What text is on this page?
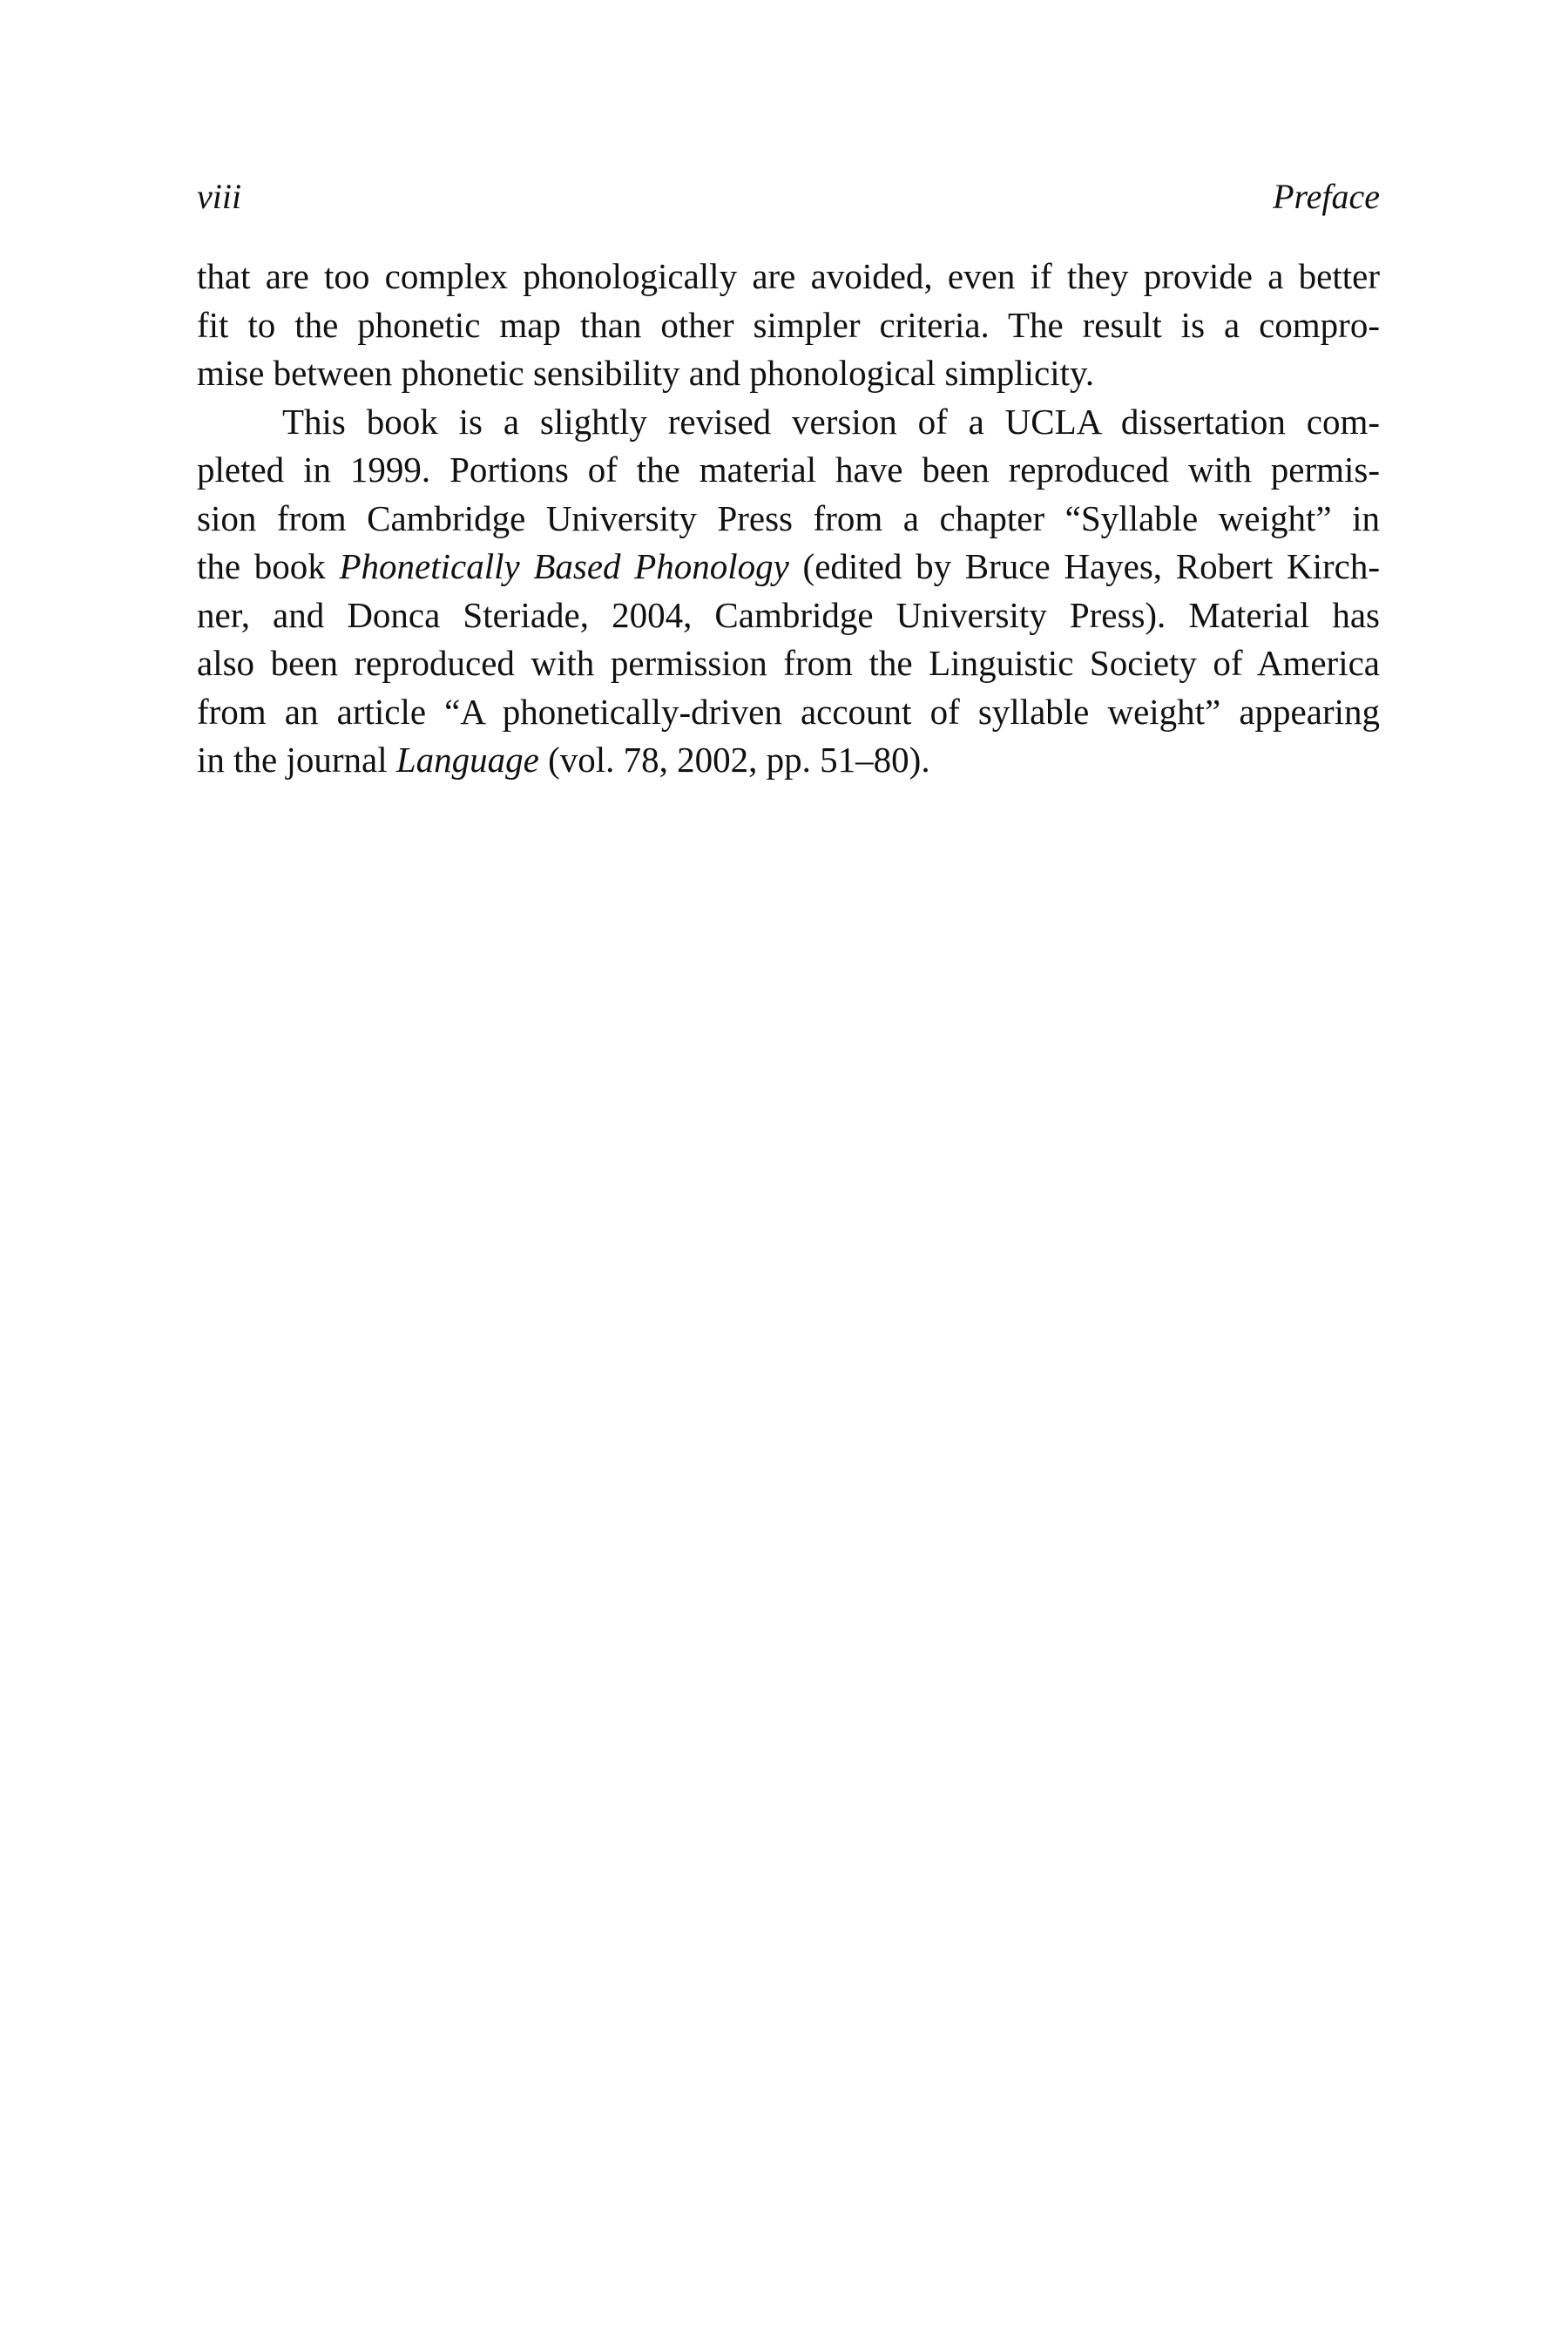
viii	Preface
that are too complex phonologically are avoided, even if they provide a better
fit to the phonetic map than other simpler criteria. The result is a compro-
mise between phonetic sensibility and phonological simplicity.
This book is a slightly revised version of a UCLA dissertation com-
pleted in 1999. Portions of the material have been reproduced with permis-
sion from Cambridge University Press from a chapter “Syllable weight” in
the book Phonetically Based Phonology (edited by Bruce Hayes, Robert Kirch-
ner, and Donca Steriade, 2004, Cambridge University Press). Material has
also been reproduced with permission from the Linguistic Society of America
from an article “A phonetically-driven account of syllable weight” appearing
in the journal Language (vol. 78, 2002, pp. 51–80).
